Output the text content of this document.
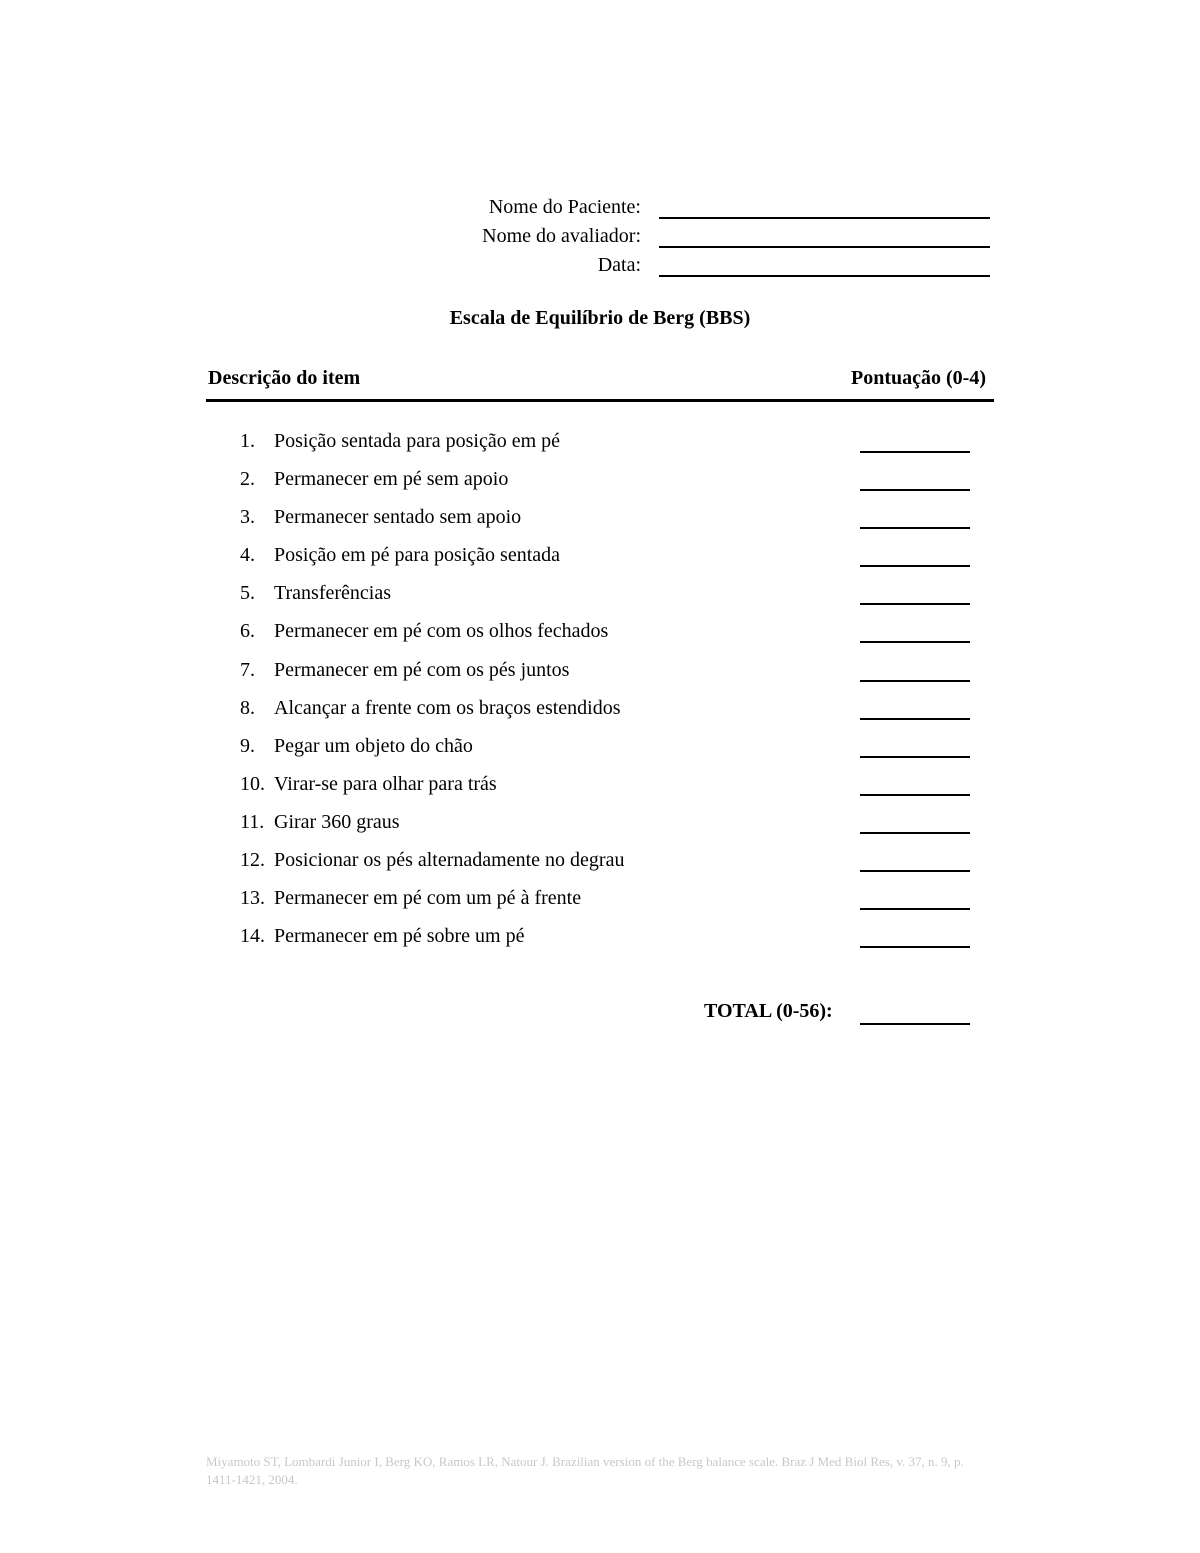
Nome do Paciente:
Nome do avaliador:
Data:
Escala de Equilíbrio de Berg (BBS)
Descrição do item	Pontuação (0-4)
1. Posição sentada para posição em pé
2. Permanecer em pé sem apoio
3. Permanecer sentado sem apoio
4. Posição em pé para posição sentada
5. Transferências
6. Permanecer em pé com os olhos fechados
7. Permanecer em pé com os pés juntos
8. Alcançar a frente com os braços estendidos
9. Pegar um objeto do chão
10. Virar-se para olhar para trás
11. Girar 360 graus
12. Posicionar os pés alternadamente no degrau
13. Permanecer em pé com um pé à frente
14. Permanecer em pé sobre um pé
TOTAL (0-56):
Miyamoto ST, Lombardi Junior I, Berg KO, Ramos LR, Natour J. Brazilian version of the Berg balance scale. Braz J Med Biol Res, v. 37, n. 9, p. 1411-1421, 2004.
